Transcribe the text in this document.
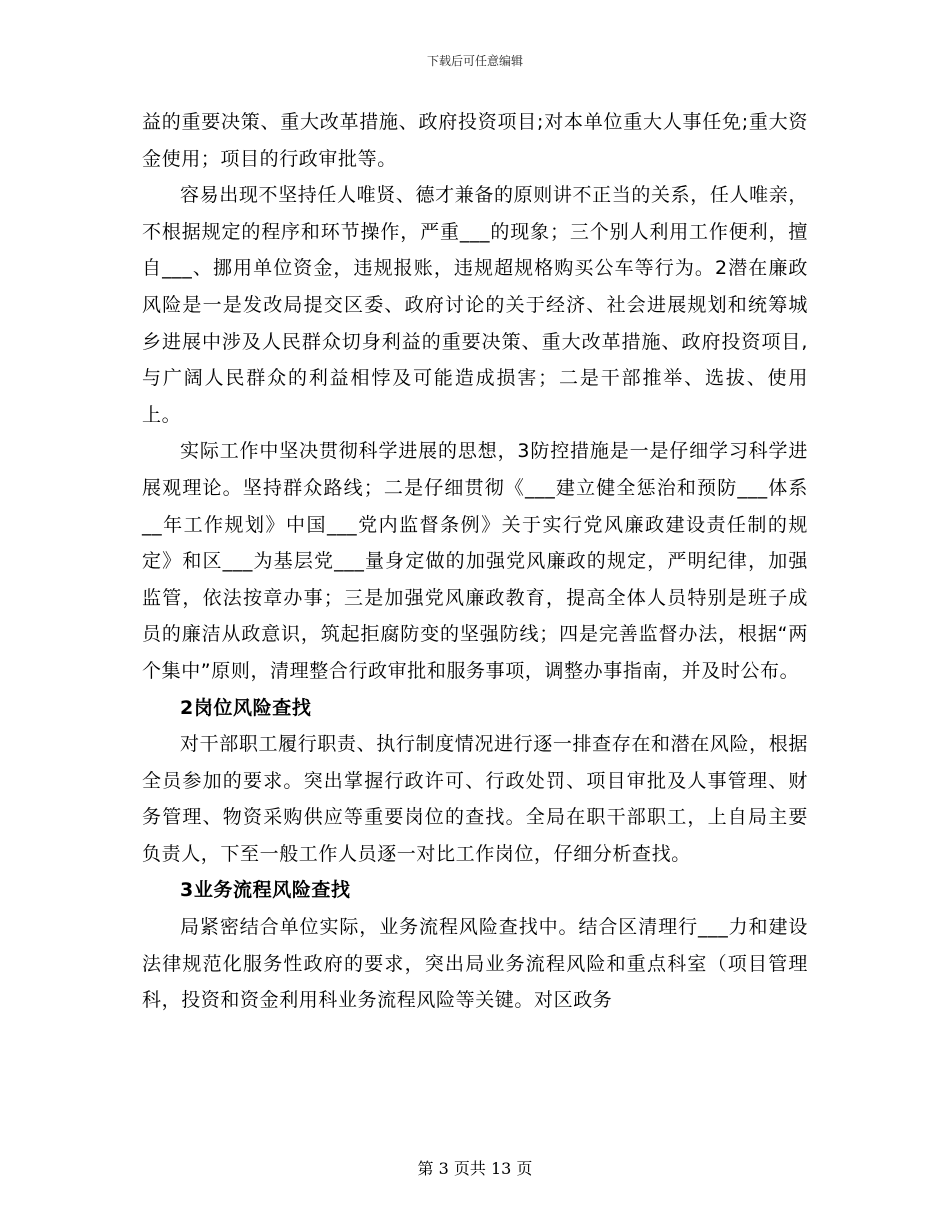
下载后可任意编辑

益的重要决策、重大改革措施、政府投资项目;对本单位重大人事任免;重大资金使用；项目的行政审批等。

容易出现不坚持任人唯贤、德才兼备的原则讲不正当的关系，任人唯亲，不根据规定的程序和环节操作，严重___的现象；三个别人利用工作便利，擅自___、挪用单位资金，违规报账，违规超规格购买公车等行为。2潜在廉政风险是一是发改局提交区委、政府讨论的关于经济、社会进展规划和统筹城乡进展中涉及人民群众切身利益的重要决策、重大改革措施、政府投资项目,与广阔人民群众的利益相悖及可能造成损害；二是干部推举、选拔、使用上。

实际工作中坚决贯彻科学进展的思想，3防控措施是一是仔细学习科学进展观理论。坚持群众路线；二是仔细贯彻《___建立健全惩治和预防___体系__年工作规划》中国___党内监督条例》关于实行党风廉政建设责任制的规定》和区___为基层党___量身定做的加强党风廉政的规定，严明纪律，加强监管，依法按章办事；三是加强党风廉政教育，提高全体人员特别是班子成员的廉洁从政意识，筑起拒腐防变的坚强防线；四是完善监督办法，根据“两个集中”原则，清理整合行政审批和服务事项，调整办事指南，并及时公布。

2岗位风险查找

对干部职工履行职责、执行制度情况进行逐一排查存在和潜在风险，根据全员参加的要求。突出掌握行政许可、行政处罚、项目审批及人事管理、财务管理、物资采购供应等重要岗位的查找。全局在职干部职工，上自局主要负责人，下至一般工作人员逐一对比工作岗位，仔细分析查找。

3业务流程风险查找

局紧密结合单位实际，业务流程风险查找中。结合区清理行___力和建设法律规范化服务性政府的要求，突出局业务流程风险和重点科室（项目管理科，投资和资金利用科业务流程风险等关键。对区政务

第 3 页共 13 页
